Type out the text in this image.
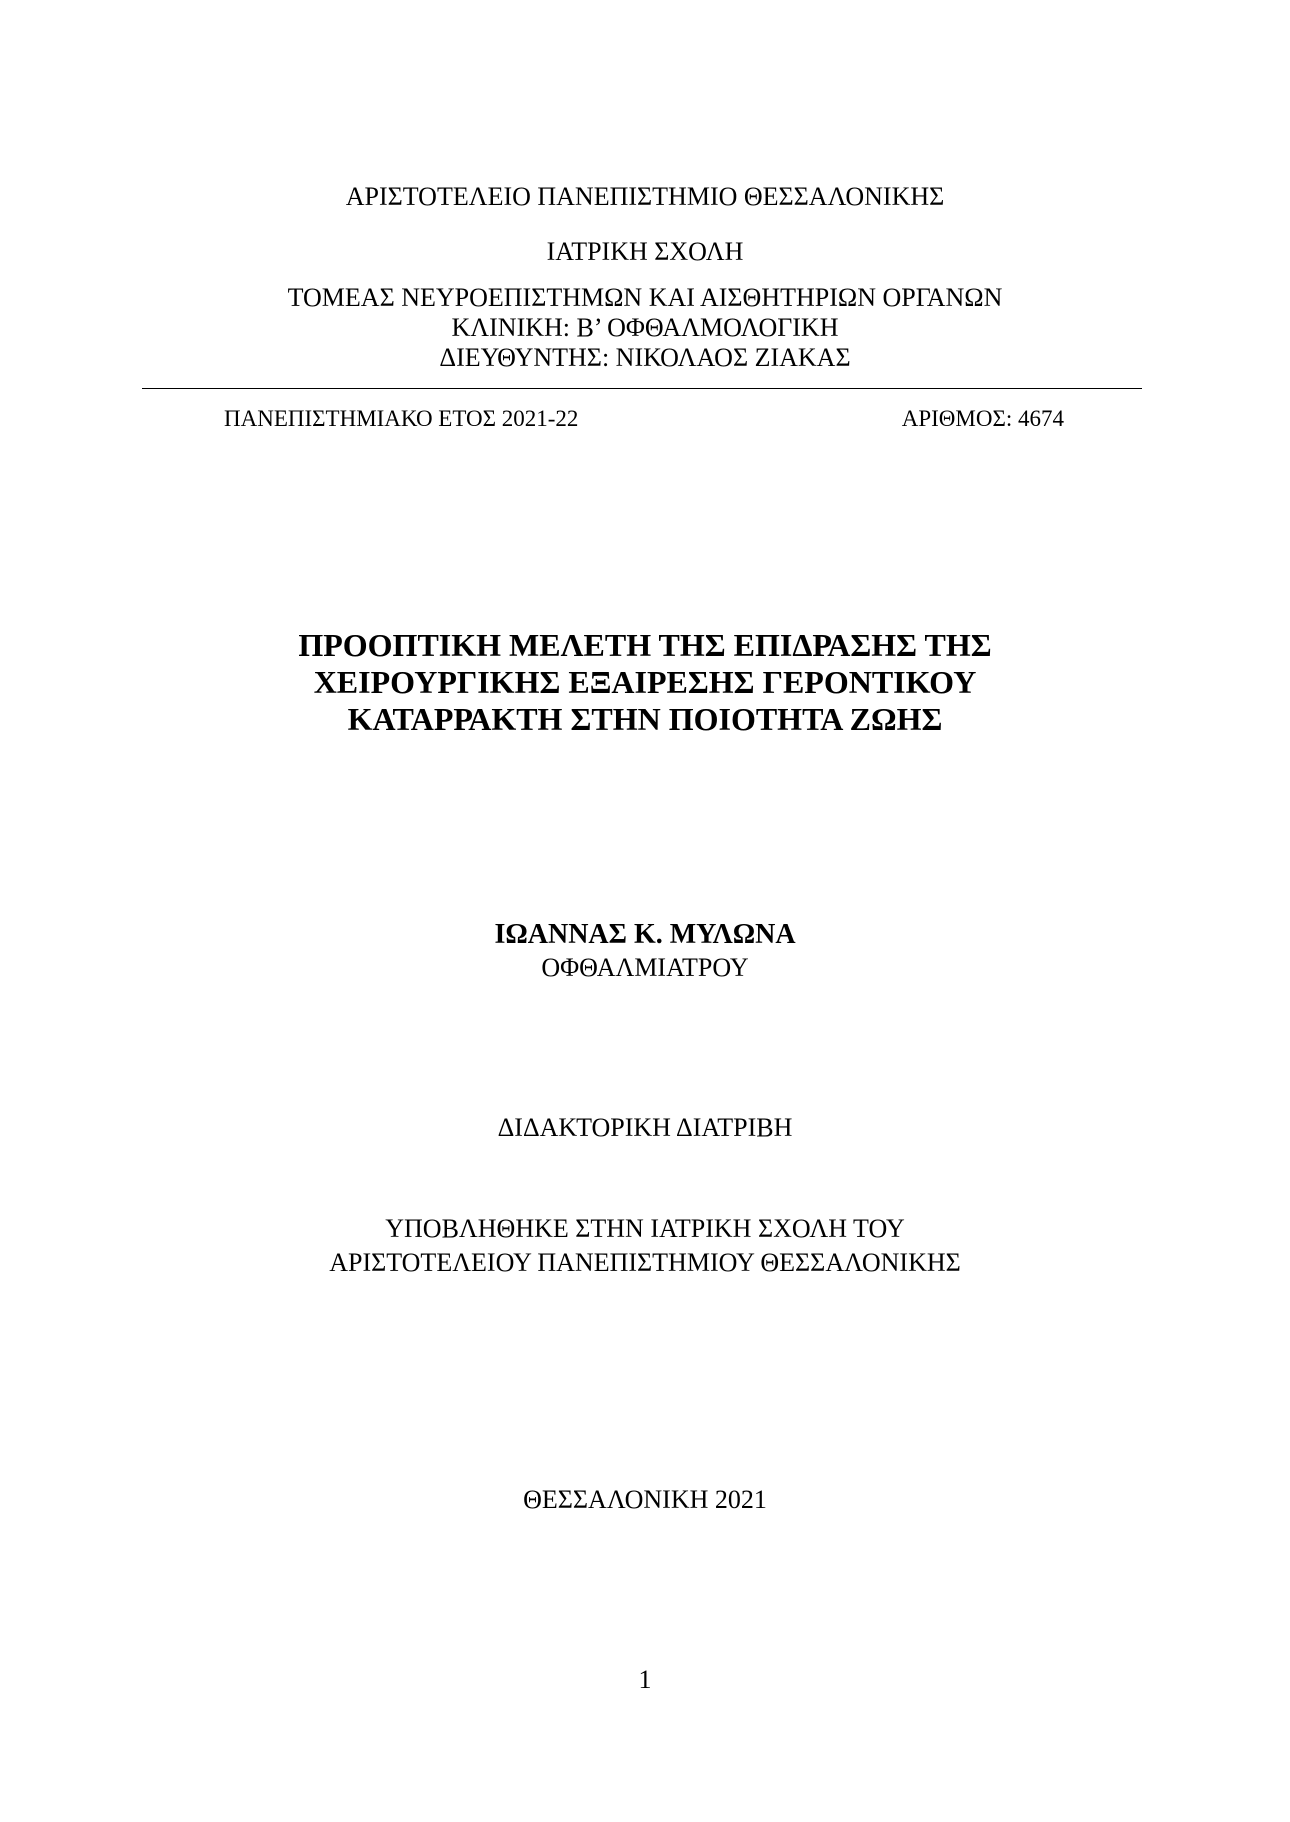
ΑΡΙΣΤΟΤΕΛΕΙΟ ΠΑΝΕΠΙΣΤΗΜΙΟ ΘΕΣΣΑΛΟΝΙΚΗΣ
ΙΑΤΡΙΚΗ ΣΧΟΛΗ
ΤΟΜΕΑΣ ΝΕΥΡΟΕΠΙΣΤΗΜΩΝ ΚΑΙ ΑΙΣΘΗΤΗΡΙΩΝ ΟΡΓΑΝΩΝ
ΚΛΙΝΙΚΗ: Β’ ΟΦΘΑΛΜΟΛΟΓΙΚΗ
ΔΙΕΥΘΥΝΤΗΣ: ΝΙΚΟΛΑΟΣ ΖΙΑΚΑΣ
ΠΑΝΕΠΙΣΤΗΜΙΑΚΟ ΕΤΟΣ 2021-22	ΑΡΙΘΜΟΣ: 4674
ΠΡΟΟΠΤΙΚΗ ΜΕΛΕΤΗ ΤΗΣ ΕΠΙΔΡΑΣΗΣ ΤΗΣ
ΧΕΙΡΟΥΡΓΙΚΗΣ ΕΞΑΙΡΕΣΗΣ ΓΕΡΟΝΤΙΚΟΥ
ΚΑΤΑΡΡΑΚΤΗ ΣΤΗΝ ΠΟΙΟΤΗΤΑ ΖΩΗΣ
ΙΩΑΝΝΑΣ Κ. ΜΥΛΩΝΑ
ΟΦΘΑΛΜΙΑΤΡΟΥ
ΔΙΔΑΚΤΟΡΙΚΗ ΔΙΑΤΡΙΒΗ
ΥΠΟΒΛΗΘΗΚΕ ΣΤΗΝ ΙΑΤΡΙΚΗ ΣΧΟΛΗ ΤΟΥ
ΑΡΙΣΤΟΤΕΛΕΙΟΥ ΠΑΝΕΠΙΣΤΗΜΙΟΥ ΘΕΣΣΑΛΟΝΙΚΗΣ
ΘΕΣΣΑΛΟΝΙΚΗ 2021
1
